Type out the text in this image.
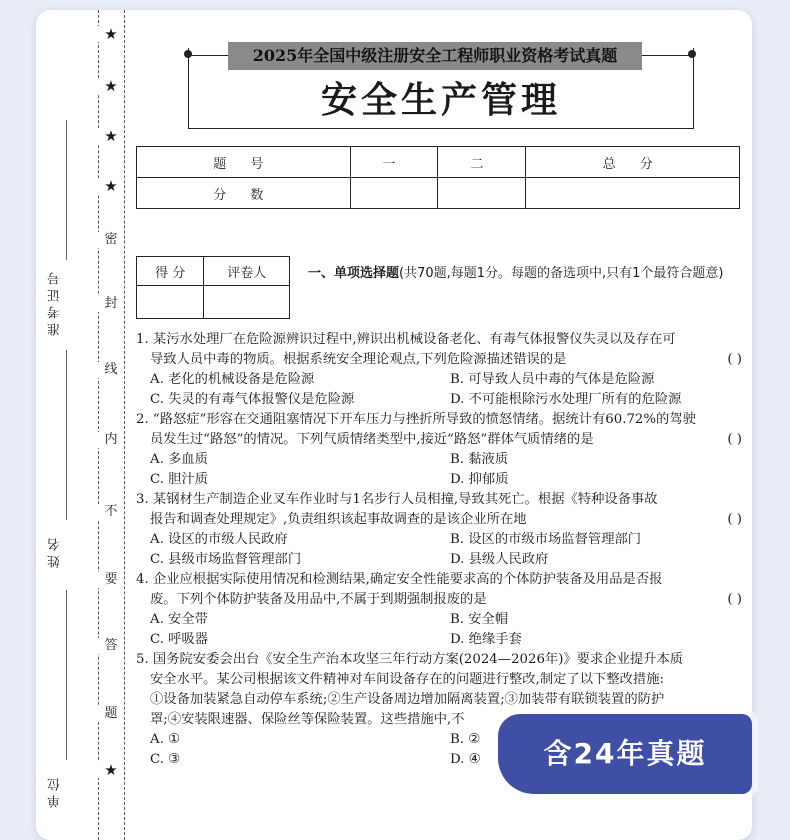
★
★
★
★
密
封
线
内
不
要
答
题
★
准考证号
姓名
单位
2025年全国中级注册安全工程师职业资格考试真题
安全生产管理
题 号	一	二	总 分
分 数			
得 分	评卷人
		一、单项选择题(共70题,每题1分。每题的备选项中,只有1个最符合题意)
1. 某污水处理厂在危险源辨识过程中,辨识出机械设备老化、有毒气体报警仪失灵以及存在可
导致人员中毒的物质。根据系统安全理论观点,下列危险源描述错误的是	( )
A. 老化的机械设备是危险源	B. 可导致人员中毒的气体是危险源
C. 失灵的有毒气体报警仪是危险源	D. 不可能根除污水处理厂所有的危险源
2. “路怒症”形容在交通阻塞情况下开车压力与挫折所导致的愤怒情绪。据统计有60.72%的驾驶
员发生过“路怒”的情况。下列气质情绪类型中,接近“路怒”群体气质情绪的是	( )
A. 多血质	B. 黏液质
C. 胆汁质	D. 抑郁质
3. 某钢材生产制造企业叉车作业时与1名步行人员相撞,导致其死亡。根据《特种设备事故
报告和调查处理规定》,负责组织该起事故调查的是该企业所在地	( )
A. 设区的市级人民政府	B. 设区的市级市场监督管理部门
C. 县级市场监督管理部门	D. 县级人民政府
4. 企业应根据实际使用情况和检测结果,确定安全性能要求高的个体防护装备及用品是否报
废。下列个体防护装备及用品中,不属于到期强制报废的是	( )
A. 安全带	B. 安全帽
C. 呼吸器	D. 绝缘手套
5. 国务院安委会出台《安全生产治本攻坚三年行动方案(2024—2026年)》要求企业提升本质
安全水平。某公司根据该文件精神对车间设备存在的问题进行整改,制定了以下整改措施:
①设备加装紧急自动停车系统;②生产设备周边增加隔离装置;③加装带有联锁装置的防护
罩;④安装限速器、保险丝等保险装置。这些措施中,不
A. ①	B. ②
C. ③	D. ④	含24年真题
